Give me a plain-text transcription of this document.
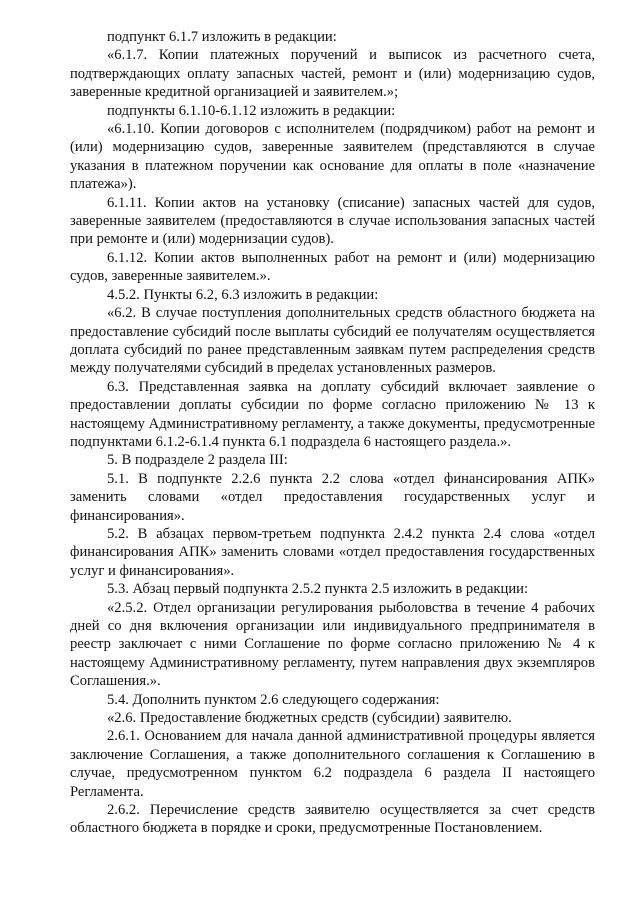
подпункт 6.1.7 изложить в редакции:

«6.1.7. Копии платежных поручений и выписок из расчетного счета, подтверждающих оплату запасных частей, ремонт и (или) модернизацию судов, заверенные кредитной организацией и заявителем.»;

подпункты 6.1.10-6.1.12 изложить в редакции:

«6.1.10. Копии договоров с исполнителем (подрядчиком) работ на ремонт и (или) модернизацию судов, заверенные заявителем (представляются в случае указания в платежном поручении как основание для оплаты в поле «назначение платежа»).

6.1.11. Копии актов на установку (списание) запасных частей для судов, заверенные заявителем (предоставляются в случае использования запасных частей при ремонте и (или) модернизации судов).

6.1.12. Копии актов выполненных работ на ремонт и (или) модернизацию судов, заверенные заявителем.».

4.5.2. Пункты 6.2, 6.3 изложить в редакции:

«6.2. В случае поступления дополнительных средств областного бюджета на предоставление субсидий после выплаты субсидий ее получателям осуществляется доплата субсидий по ранее представленным заявкам путем распределения средств между получателями субсидий в пределах установленных размеров.

6.3. Представленная заявка на доплату субсидий включает заявление о предоставлении доплаты субсидии по форме согласно приложению № 13 к настоящему Административному регламенту, а также документы, предусмотренные подпунктами 6.1.2-6.1.4 пункта 6.1 подраздела 6 настоящего раздела.».

5. В подразделе 2 раздела III:

5.1. В подпункте 2.2.6 пункта 2.2 слова «отдел финансирования АПК» заменить словами «отдел предоставления государственных услуг и финансирования».

5.2. В абзацах первом-третьем подпункта 2.4.2 пункта 2.4 слова «отдел финансирования АПК» заменить словами «отдел предоставления государственных услуг и финансирования».

5.3. Абзац первый подпункта 2.5.2 пункта 2.5 изложить в редакции:

«2.5.2. Отдел организации регулирования рыболовства в течение 4 рабочих дней со дня включения организации или индивидуального предпринимателя в реестр заключает с ними Соглашение по форме согласно приложению № 4 к настоящему Административному регламенту, путем направления двух экземпляров Соглашения.».

5.4. Дополнить пунктом 2.6 следующего содержания:

«2.6. Предоставление бюджетных средств (субсидии) заявителю.

2.6.1. Основанием для начала данной административной процедуры является заключение Соглашения, а также дополнительного соглашения к Соглашению в случае, предусмотренном пунктом 6.2 подраздела 6 раздела II настоящего Регламента.

2.6.2. Перечисление средств заявителю осуществляется за счет средств областного бюджета в порядке и сроки, предусмотренные Постановлением.
